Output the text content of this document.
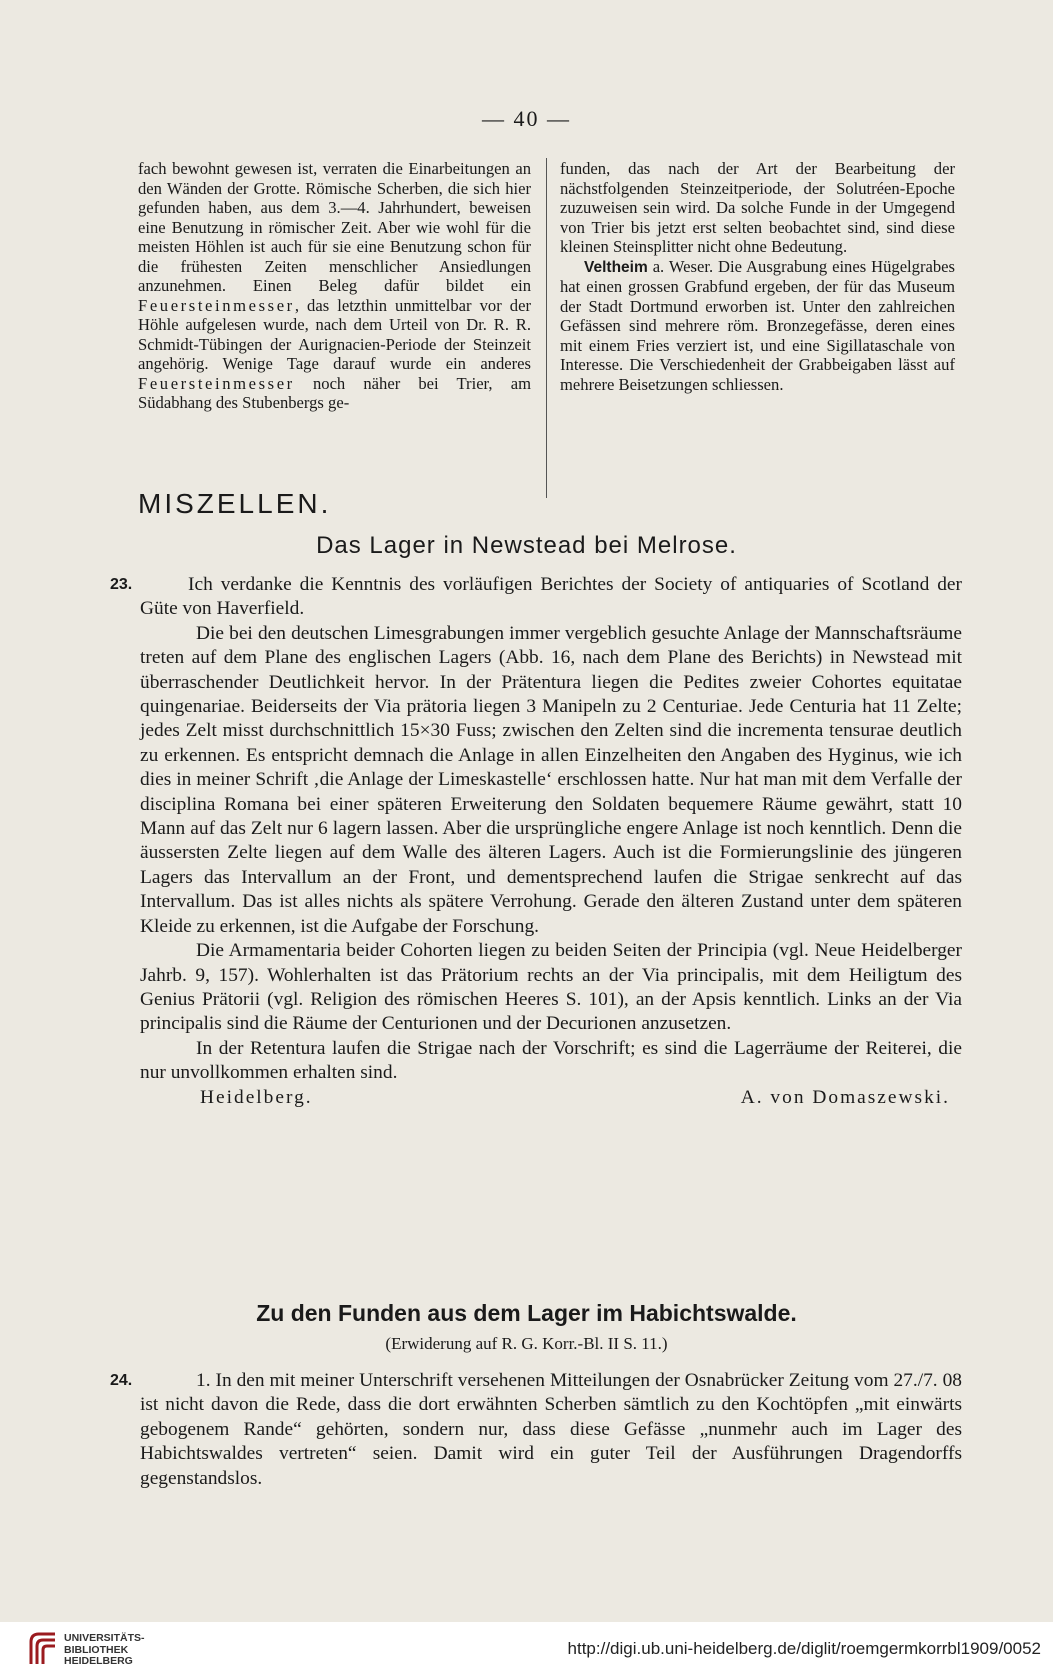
— 40 —

fach bewohnt gewesen ist, verraten die Einarbeitungen an den Wänden der Grotte. Römische Scherben, die sich hier gefunden haben, aus dem 3.—4. Jahrhundert, beweisen eine Benutzung in römischer Zeit. Aber wie wohl für die meisten Höhlen ist auch für sie eine Benutzung schon für die frühesten Zeiten menschlicher Ansiedlungen anzunehmen. Einen Beleg dafür bildet ein Feuersteinmesser, das letzthin unmittelbar vor der Höhle aufgelesen wurde, nach dem Urteil von Dr. R. R. Schmidt-Tübingen der Aurignacien-Periode der Steinzeit angehörig. Wenige Tage darauf wurde ein anderes Feuersteinmesser noch näher bei Trier, am Südabhang des Stubenbergs ge-

funden, das nach der Art der Bearbeitung der nächstfolgenden Steinzeitperiode, der Solutréen-Epoche zuzuweisen sein wird. Da solche Funde in der Umgegend von Trier bis jetzt erst selten beobachtet sind, sind diese kleinen Steinsplitter nicht ohne Bedeutung.

Veltheim a. Weser. Die Ausgrabung eines Hügelgrabes hat einen grossen Grabfund ergeben, der für das Museum der Stadt Dortmund erworben ist. Unter den zahlreichen Gefässen sind mehrere röm. Bronzegefässe, deren eines mit einem Fries verziert ist, und eine Sigillataschale von Interesse. Die Verschiedenheit der Grabbeigaben lässt auf mehrere Beisetzungen schliessen.

MISZELLEN.
Das Lager in Newstead bei Melrose.
23.	Ich verdanke die Kenntnis des vorläufigen Berichtes der Society of antiquaries of Scotland der Güte von Haverfield.

Die bei den deutschen Limesgrabungen immer vergeblich gesuchte Anlage der Mannschaftsräume treten auf dem Plane des englischen Lagers (Abb. 16, nach dem Plane des Berichts) in Newstead mit überraschender Deutlichkeit hervor. In der Prätentura liegen die Pedites zweier Cohortes equitatae quingenariae. Beiderseits der Via prätoria liegen 3 Manipeln zu 2 Centuriae. Jede Centuria hat 11 Zelte; jedes Zelt misst durchschnittlich 15×30 Fuss; zwischen den Zelten sind die incrementa tensurae deutlich zu erkennen. Es entspricht demnach die Anlage in allen Einzelheiten den Angaben des Hyginus, wie ich dies in meiner Schrift ‚die Anlage der Limeskastelle‘ erschlossen hatte. Nur hat man mit dem Verfalle der disciplina Romana bei einer späteren Erweiterung den Soldaten bequemere Räume gewährt, statt 10 Mann auf das Zelt nur 6 lagern lassen. Aber die ursprüngliche engere Anlage ist noch kenntlich. Denn die äussersten Zelte liegen auf dem Walle des älteren Lagers. Auch ist die Formierungslinie des jüngeren Lagers das Intervallum an der Front, und dementsprechend laufen die Strigae senkrecht auf das Intervallum. Das ist alles nichts als spätere Verrohung. Gerade den älteren Zustand unter dem späteren Kleide zu erkennen, ist die Aufgabe der Forschung.

Die Armamentaria beider Cohorten liegen zu beiden Seiten der Principia (vgl. Neue Heidelberger Jahrb. 9, 157). Wohlerhalten ist das Prätorium rechts an der Via principalis, mit dem Heiligtum des Genius Prätorii (vgl. Religion des römischen Heeres S. 101), an der Apsis kenntlich. Links an der Via principalis sind die Räume der Centurionen und der Decurionen anzusetzen.

In der Retentura laufen die Strigae nach der Vorschrift; es sind die Lagerräume der Reiterei, die nur unvollkommen erhalten sind.

Heidelberg.	A. von Domaszewski.
Zu den Funden aus dem Lager im Habichtswalde.
(Erwiderung auf R. G. Korr.-Bl. II S. 11.)
24.	1. In den mit meiner Unterschrift versehenen Mitteilungen der Osnabrücker Zeitung vom 27./7. 08 ist nicht davon die Rede, dass die dort erwähnten Scherben sämtlich zu den Kochtöpfen „mit einwärts gebogenem Rande“ gehörten, sondern nur, dass diese Gefässe „nunmehr auch im Lager des Habichtswaldes vertreten“ seien. Damit wird ein guter Teil der Ausführungen Dragendorffs gegenstandslos.

UNIVERSITÄTS-
BIBLIOTHEK
HEIDELBERG
http://digi.ub.uni-heidelberg.de/diglit/roemgermkorrbl1909/0052
